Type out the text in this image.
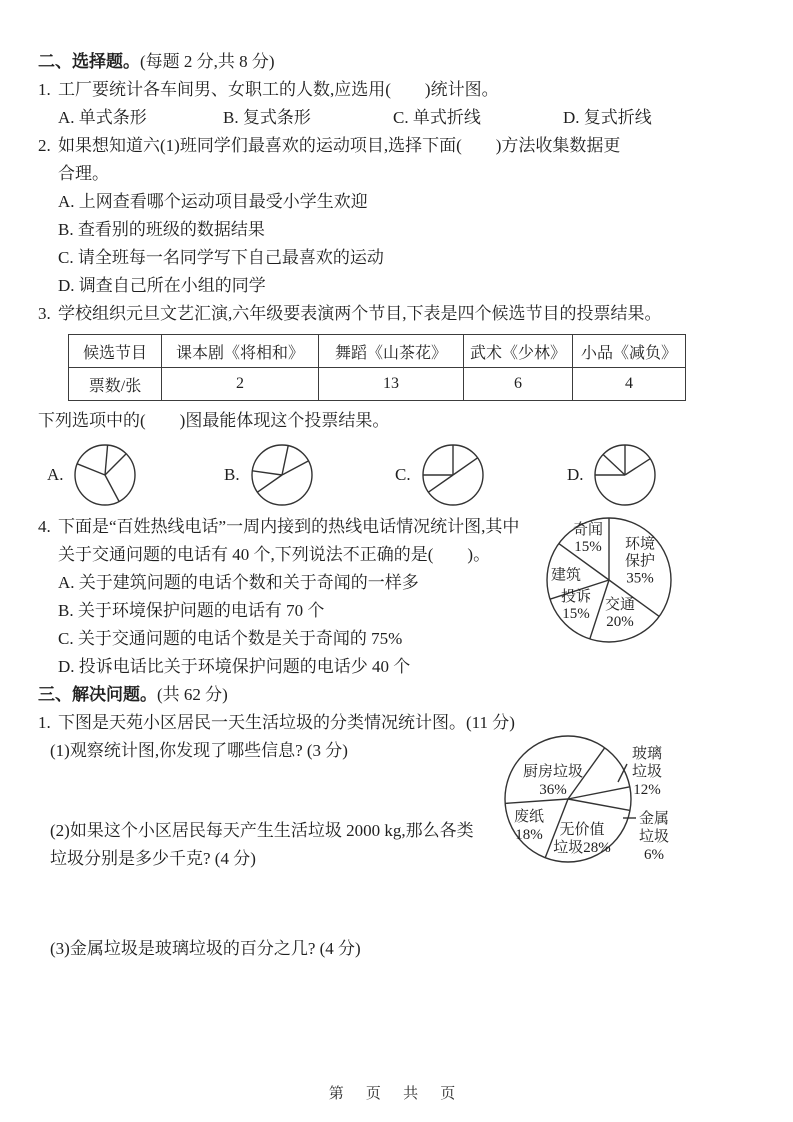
二、选择题。(每题 2 分,共 8 分)
1. 工厂要统计各车间男、女职工的人数,应选用(　　)统计图。
A. 单式条形	B. 复式条形	C. 单式折线	D. 复式折线
2. 如果想知道六(1)班同学们最喜欢的运动项目,选择下面(　　)方法收集数据更
合理。
A. 上网查看哪个运动项目最受小学生欢迎
B. 查看别的班级的数据结果
C. 请全班每一名同学写下自己最喜欢的运动
D. 调查自己所在小组的同学
3. 学校组织元旦文艺汇演,六年级要表演两个节目,下表是四个候选节目的投票结果。
候选节目	课本剧《将相和》	舞蹈《山茶花》	武术《少林》	小品《减负》
票数/张	2	13	6	4
下列选项中的(　　)图最能体现这个投票结果。
A.	B.	C.	D.
4. 下面是“百姓热线电话”一周内接到的热线电话情况统计图,其中
关于交通问题的电话有 40 个,下列说法不正确的是(　　)。
A. 关于建筑问题的电话个数和关于奇闻的一样多
B. 关于环境保护问题的电话有 70 个
C. 关于交通问题的电话个数是关于奇闻的 75%
D. 投诉电话比关于环境保护问题的电话少 40 个
三、解决问题。(共 62 分)
1. 下图是天苑小区居民一天生活垃圾的分类情况统计图。(11 分)
(1)观察统计图,你发现了哪些信息? (3 分)
(2)如果这个小区居民每天产生生活垃圾 2000 kg,那么各类
垃圾分别是多少千克? (4 分)
(3)金属垃圾是玻璃垃圾的百分之几? (4 分)
奇闻
15% 环境
保护
35%
建筑
投诉
15%
交通
20%
厨房垃圾
36%
废纸
18%	无价值
垃圾28%
玻璃
垃圾
12%
金属
垃圾
6%
第 页 共 页
